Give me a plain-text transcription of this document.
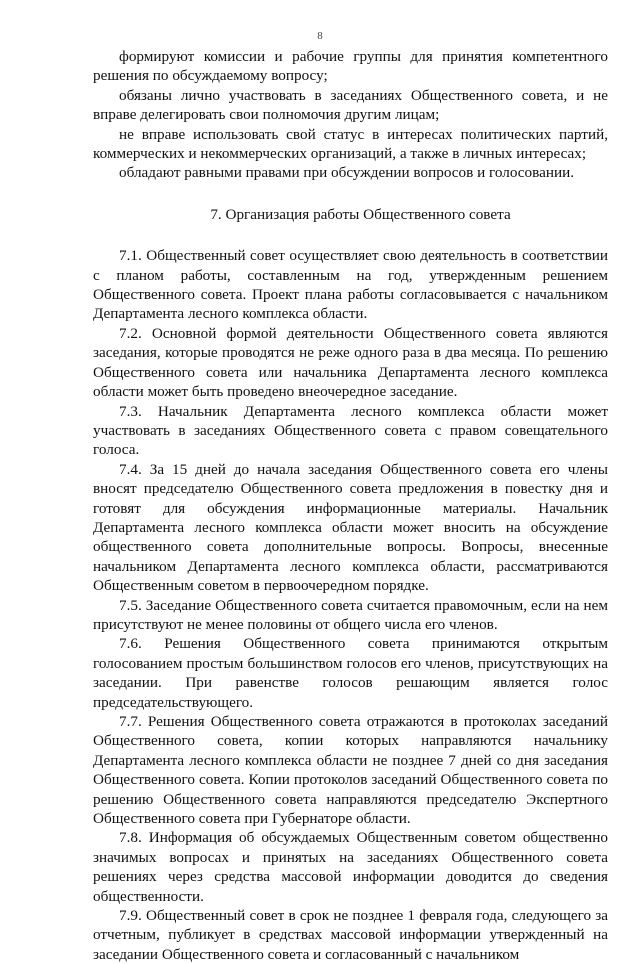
8

формируют комиссии и рабочие группы для принятия компетентного решения по обсуждаемому вопросу;

обязаны лично участвовать в заседаниях Общественного совета, и не вправе делегировать свои полномочия другим лицам;

не вправе использовать свой статус в интересах политических партий, коммерческих и некоммерческих организаций, а также в личных интересах;

обладают равными правами при обсуждении вопросов и голосовании.

7. Организация работы Общественного совета

7.1. Общественный совет осуществляет свою деятельность в соответствии с планом работы, составленным на год, утвержденным решением Общественного совета. Проект плана работы согласовывается с начальником Департамента лесного комплекса области.

7.2. Основной формой деятельности Общественного совета являются заседания, которые проводятся не реже одного раза в два месяца. По решению Общественного совета или начальника Департамента лесного комплекса области может быть проведено внеочередное заседание.

7.3. Начальник Департамента лесного комплекса области может участвовать в заседаниях Общественного совета с правом совещательного голоса.

7.4. За 15 дней до начала заседания Общественного совета его члены вносят председателю Общественного совета предложения в повестку дня и готовят для обсуждения информационные материалы. Начальник Департамента лесного комплекса области может вносить на обсуждение общественного совета дополнительные вопросы. Вопросы, внесенные начальником Департамента лесного комплекса области, рассматриваются Общественным советом в первоочередном порядке.

7.5. Заседание Общественного совета считается правомочным, если на нем присутствуют не менее половины от общего числа его членов.

7.6. Решения Общественного совета принимаются открытым голосованием простым большинством голосов его членов, присутствующих на заседании. При равенстве голосов решающим является голос председательствующего.

7.7. Решения Общественного совета отражаются в протоколах заседаний Общественного совета, копии которых направляются начальнику Департамента лесного комплекса области не позднее 7 дней со дня заседания Общественного совета. Копии протоколов заседаний Общественного совета по решению Общественного совета направляются председателю Экспертного Общественного совета при Губернаторе области.

7.8. Информация об обсуждаемых Общественным советом общественно значимых вопросах и принятых на заседаниях Общественного совета решениях через средства массовой информации доводится до сведения общественности.

7.9. Общественный совет в срок не позднее 1 февраля года, следующего за отчетным, публикует в средствах массовой информации утвержденный на заседании Общественного совета и согласованный с начальником
